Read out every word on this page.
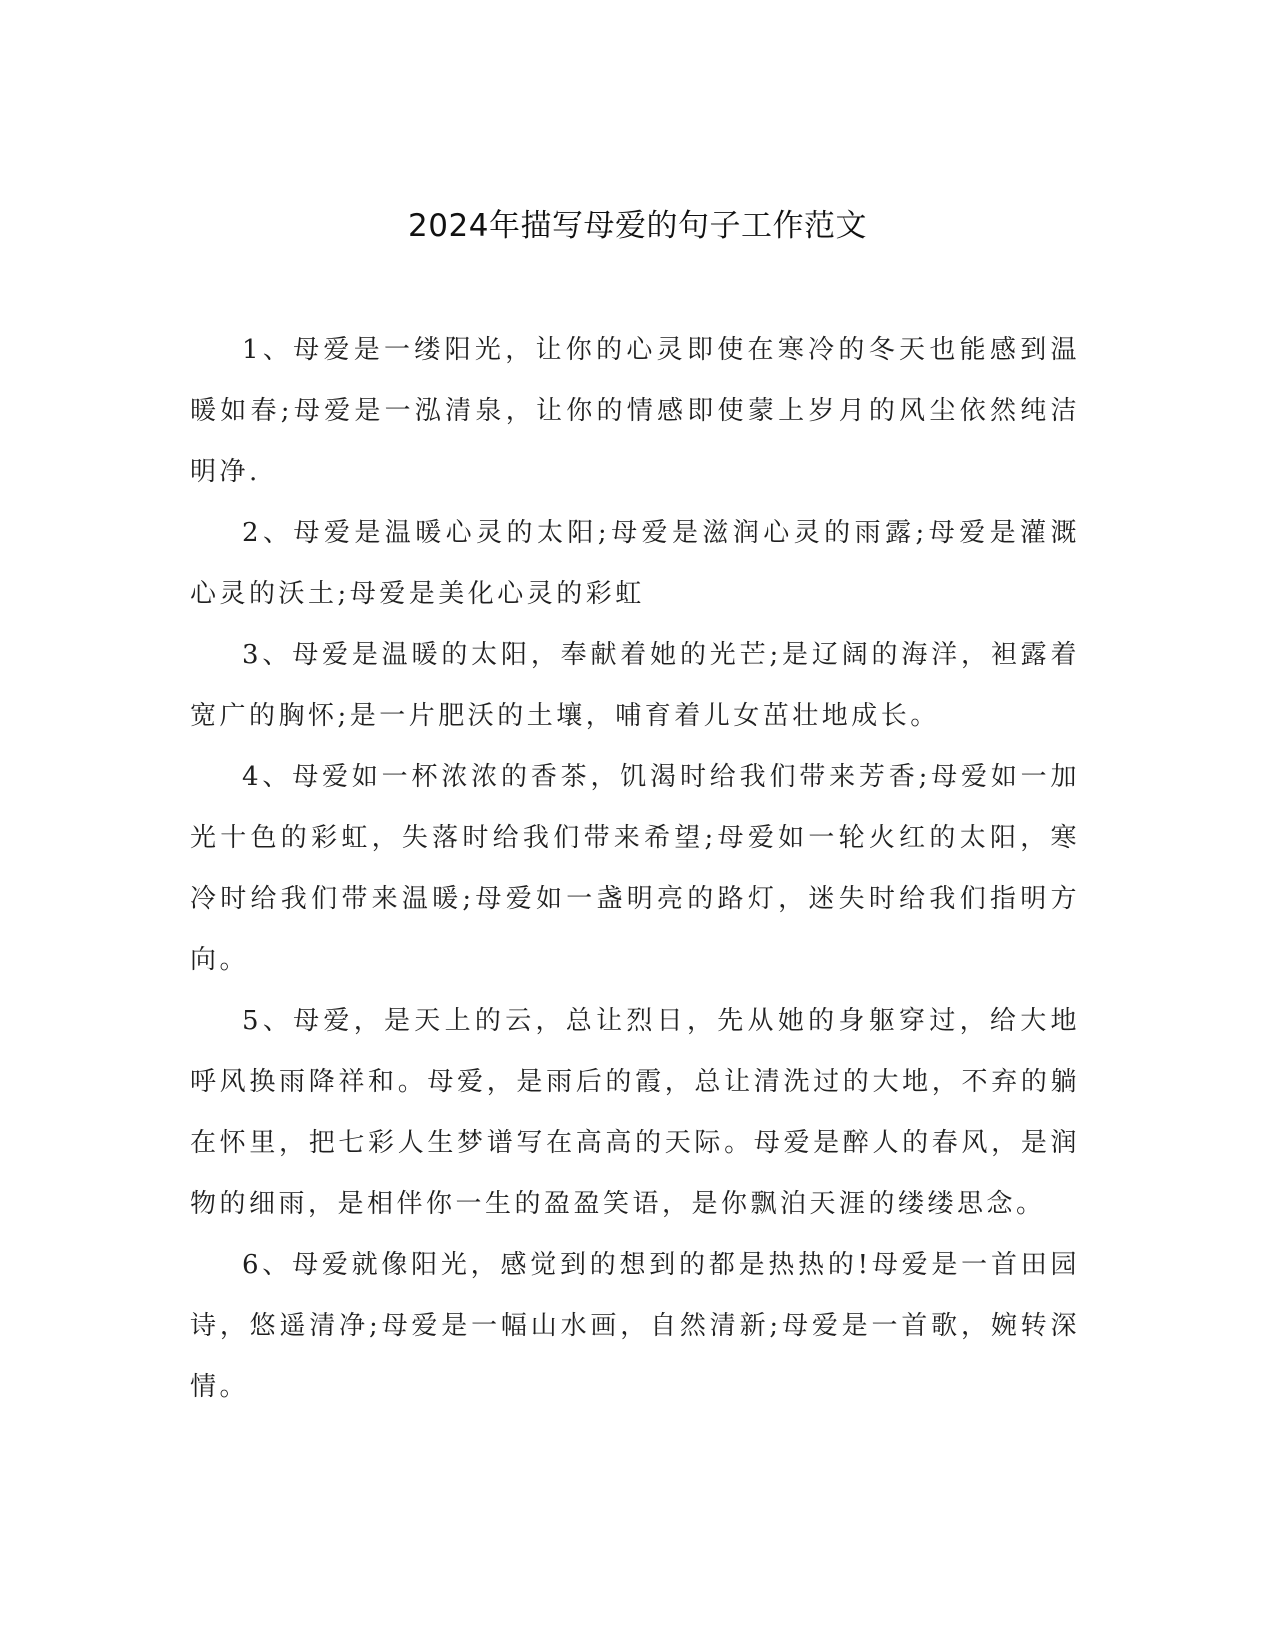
2024年描写母爱的句子工作范文

1、母爱是一缕阳光，让你的心灵即使在寒冷的冬天也能感到温暖如春;母爱是一泓清泉，让你的情感即使蒙上岁月的风尘依然纯洁明净.

2、母爱是温暖心灵的太阳;母爱是滋润心灵的雨露;母爱是灌溉心灵的沃土;母爱是美化心灵的彩虹

3、母爱是温暖的太阳，奉献着她的光芒;是辽阔的海洋，袒露着宽广的胸怀;是一片肥沃的土壤，哺育着儿女茁壮地成长。

4、母爱如一杯浓浓的香茶，饥渴时给我们带来芳香;母爱如一加光十色的彩虹，失落时给我们带来希望;母爱如一轮火红的太阳，寒冷时给我们带来温暖;母爱如一盏明亮的路灯，迷失时给我们指明方向。

5、母爱，是天上的云，总让烈日，先从她的身躯穿过，给大地呼风换雨降祥和。母爱，是雨后的霞，总让清洗过的大地，不弃的躺在怀里，把七彩人生梦谱写在高高的天际。母爱是醉人的春风，是润物的细雨，是相伴你一生的盈盈笑语，是你飘泊天涯的缕缕思念。

6、母爱就像阳光，感觉到的想到的都是热热的!母爱是一首田园诗，悠遥清净;母爱是一幅山水画，自然清新;母爱是一首歌，婉转深情。
